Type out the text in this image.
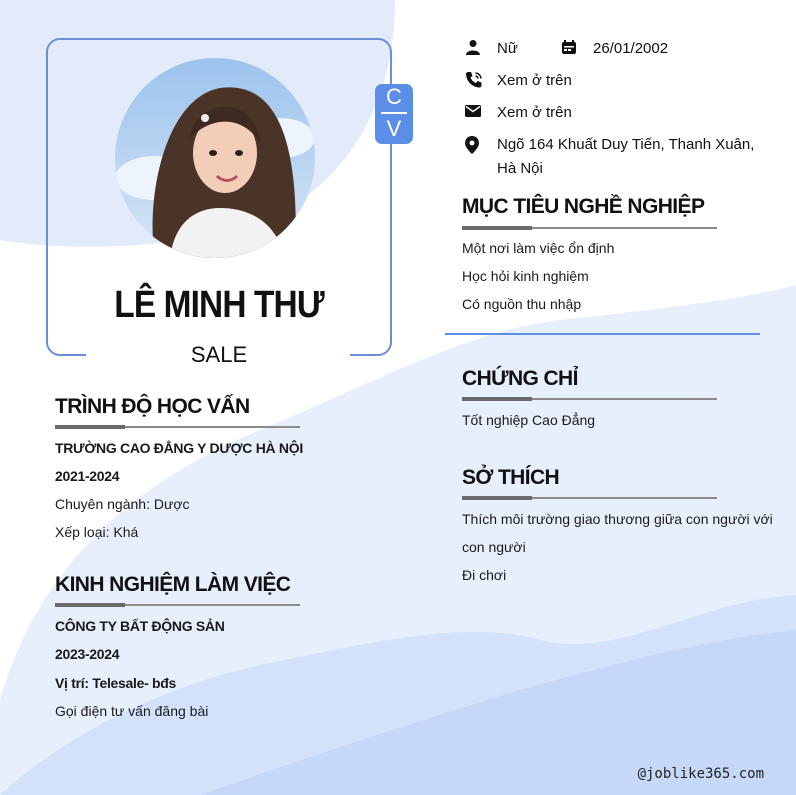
LÊ MINH THƯ
SALE
C
V
Nữ	26/01/2002
Xem ở trên
Xem ở trên
Ngõ 164 Khuất Duy Tiến, Thanh Xuân,
Hà Nội
MỤC TIÊU NGHỀ NGHIỆP
Một nơi làm việc ổn định
Học hỏi kinh nghiệm
Có nguồn thu nhập
CHỨNG CHỈ
Tốt nghiệp Cao Đẳng
SỞ THÍCH
Thích môi trường giao thương giữa con người với
con người
Đi chơi
TRÌNH ĐỘ HỌC VẤN
TRƯỜNG CAO ĐẲNG Y DƯỢC HÀ NỘI
2021-2024
Chuyên ngành: Dược
Xếp loại: Khá
KINH NGHIỆM LÀM VIỆC
CÔNG TY BẤT ĐỘNG SẢN
2023-2024
Vị trí: Telesale- bđs
Gọi điện tư vấn đăng bài
@joblike365.com
